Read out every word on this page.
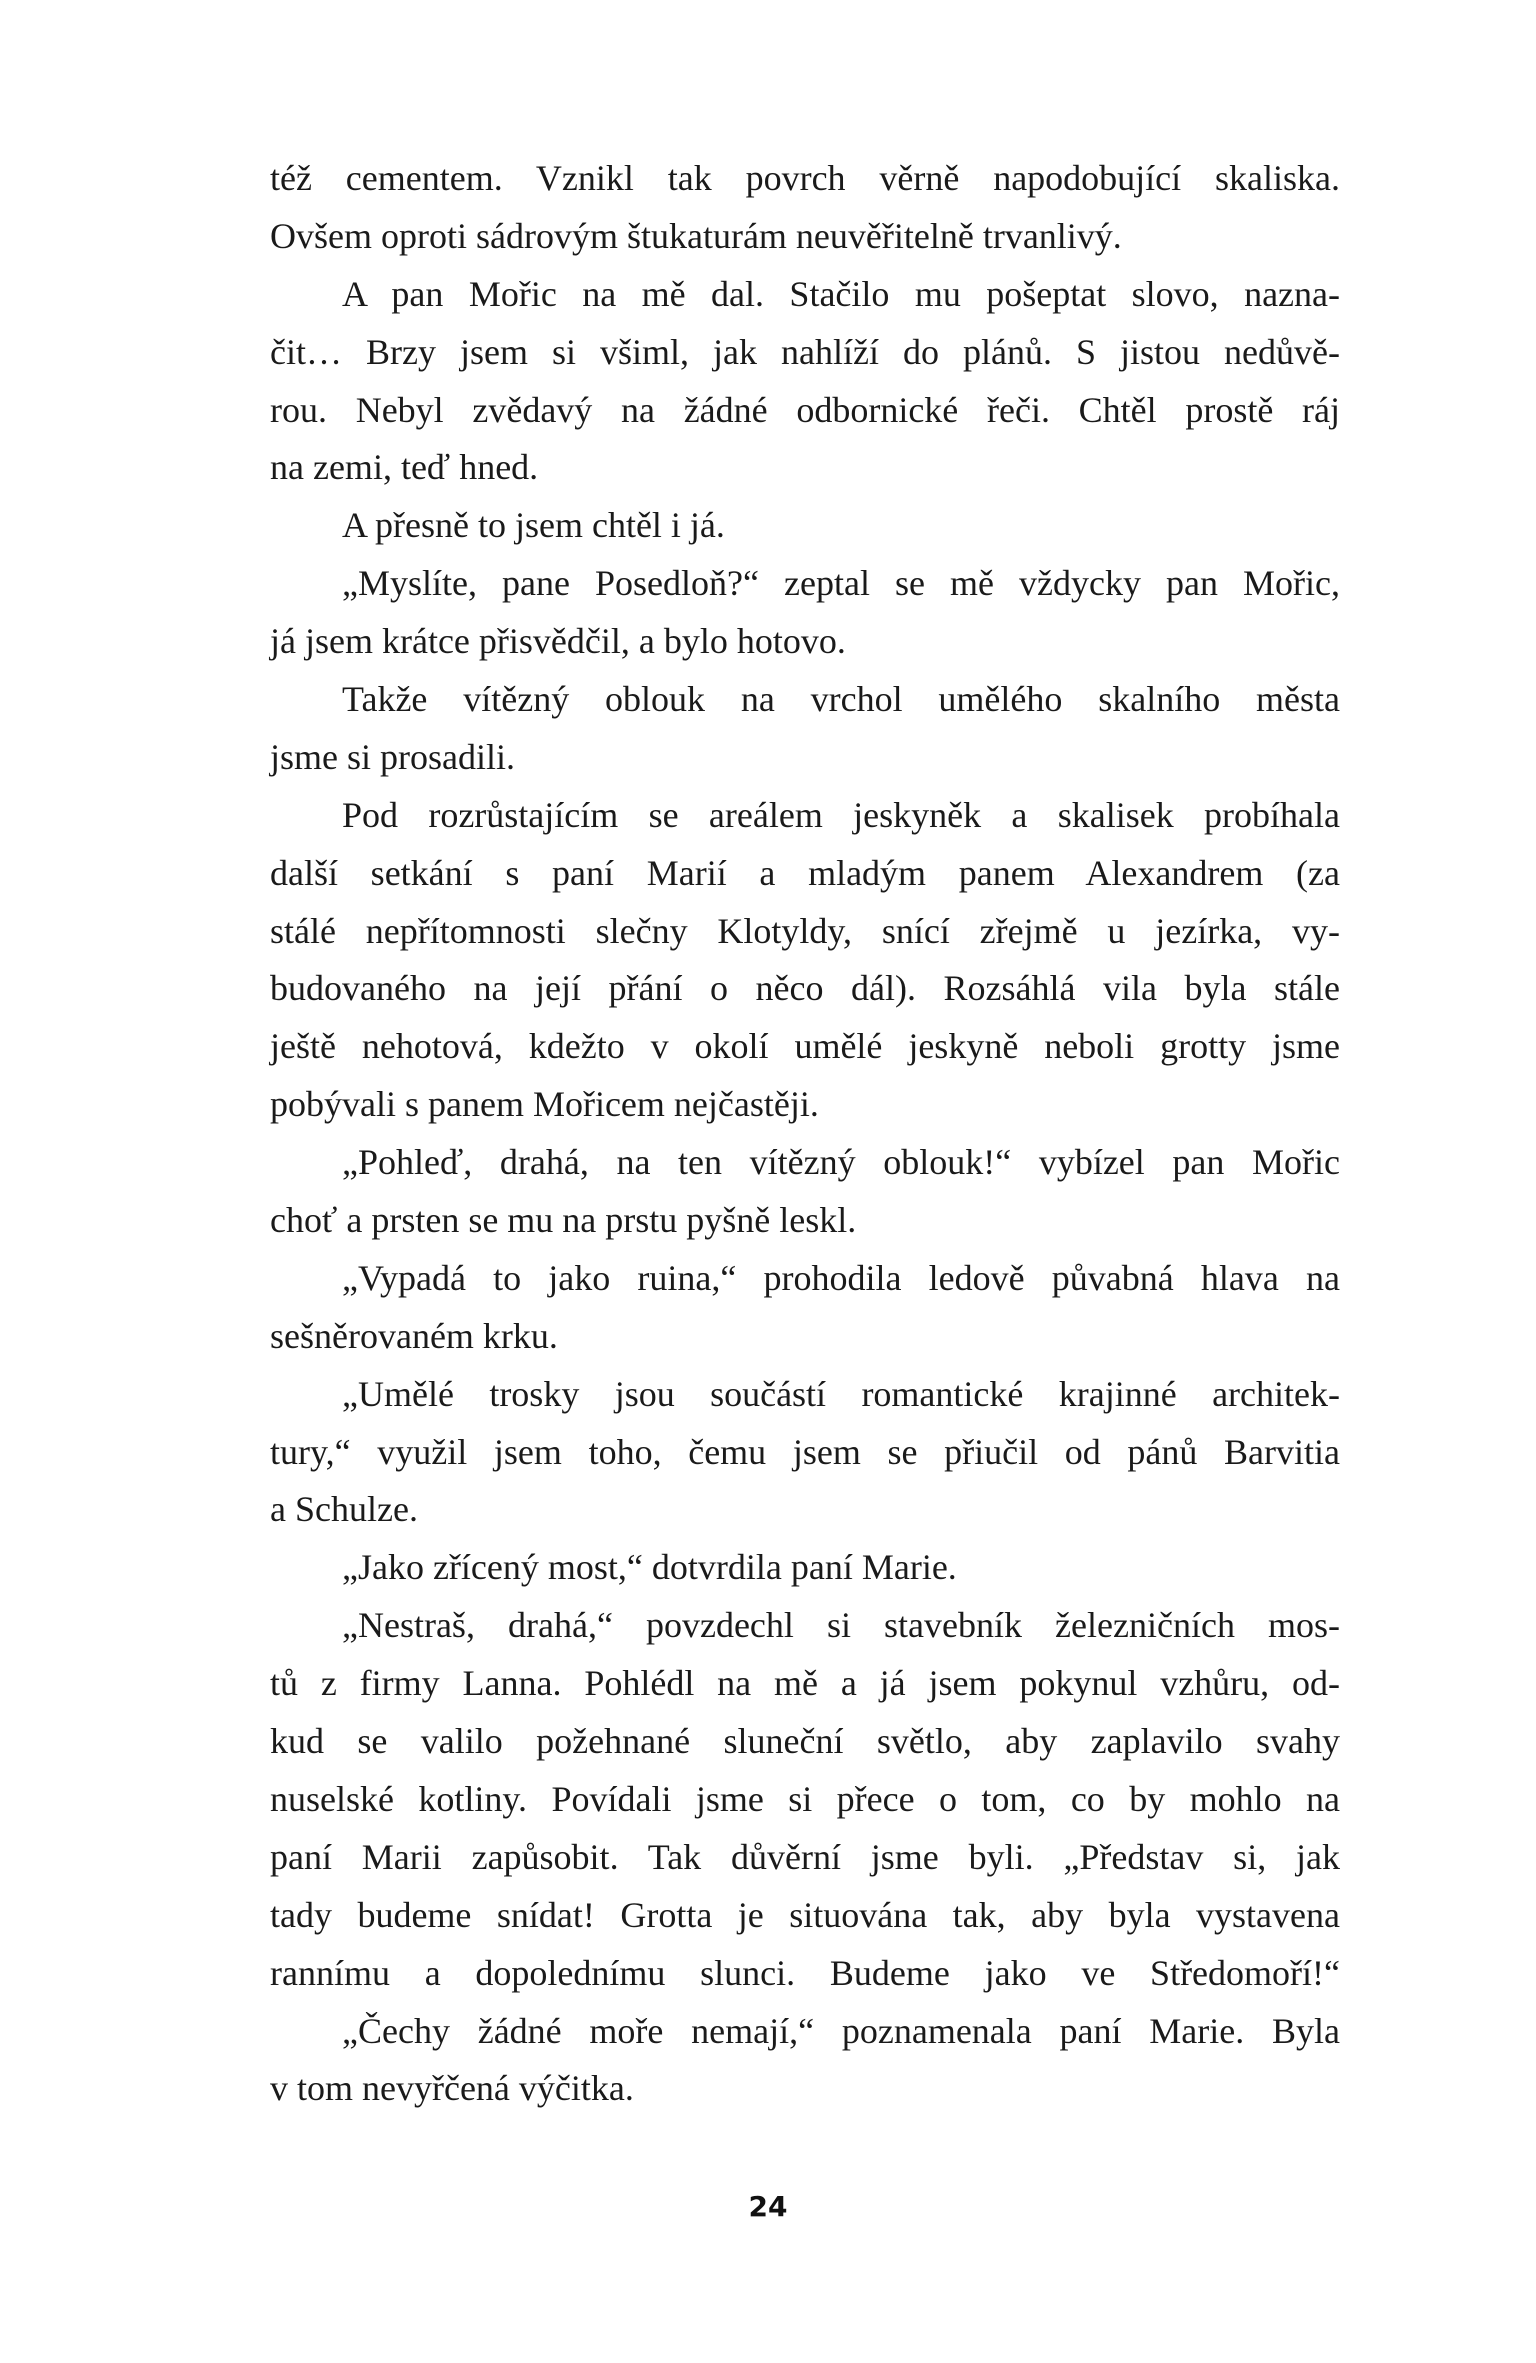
též cementem. Vznikl tak povrch věrně napodobující skaliska.
Ovšem oproti sádrovým štukaturám neuvěřitelně trvanlivý.
A pan Mořic na mě dal. Stačilo mu pošeptat slovo, nazna-
čit… Brzy jsem si všiml, jak nahlíží do plánů. S jistou nedůvě-
rou. Nebyl zvědavý na žádné odbornické řeči. Chtěl prostě ráj
na zemi, teď hned.
A přesně to jsem chtěl i já.
„Myslíte, pane Posedloň?“ zeptal se mě vždycky pan Mořic,
já jsem krátce přisvědčil, a bylo hotovo.
Takže vítězný oblouk na vrchol umělého skalního města
jsme si prosadili.
Pod rozrůstajícím se areálem jeskyněk a skalisek probíhala
další setkání s paní Marií a mladým panem Alexandrem (za
stálé nepřítomnosti slečny Klotyldy, snící zřejmě u jezírka, vy-
budovaného na její přání o něco dál). Rozsáhlá vila byla stále
ještě nehotová, kdežto v okolí umělé jeskyně neboli grotty jsme
pobývali s panem Mořicem nejčastěji.
„Pohleď, drahá, na ten vítězný oblouk!“ vybízel pan Mořic
choť a prsten se mu na prstu pyšně leskl.
„Vypadá to jako ruina,“ prohodila ledově půvabná hlava na
sešněrovaném krku.
„Umělé trosky jsou součástí romantické krajinné architek-
tury,“ využil jsem toho, čemu jsem se přiučil od pánů Barvitia
a Schulze.
„Jako zřícený most,“ dotvrdila paní Marie.
„Nestraš, drahá,“ povzdechl si stavebník železničních mos-
tů z firmy Lanna. Pohlédl na mě a já jsem pokynul vzhůru, od-
kud se valilo požehnané sluneční světlo, aby zaplavilo svahy
nuselské kotliny. Povídali jsme si přece o tom, co by mohlo na
paní Marii zapůsobit. Tak důvěrní jsme byli. „Představ si, jak
tady budeme snídat! Grotta je situována tak, aby byla vystavena
rannímu a dopolednímu slunci. Budeme jako ve Středomoří!“
„Čechy žádné moře nemají,“ poznamenala paní Marie. Byla
v tom nevyřčená výčitka.
24
